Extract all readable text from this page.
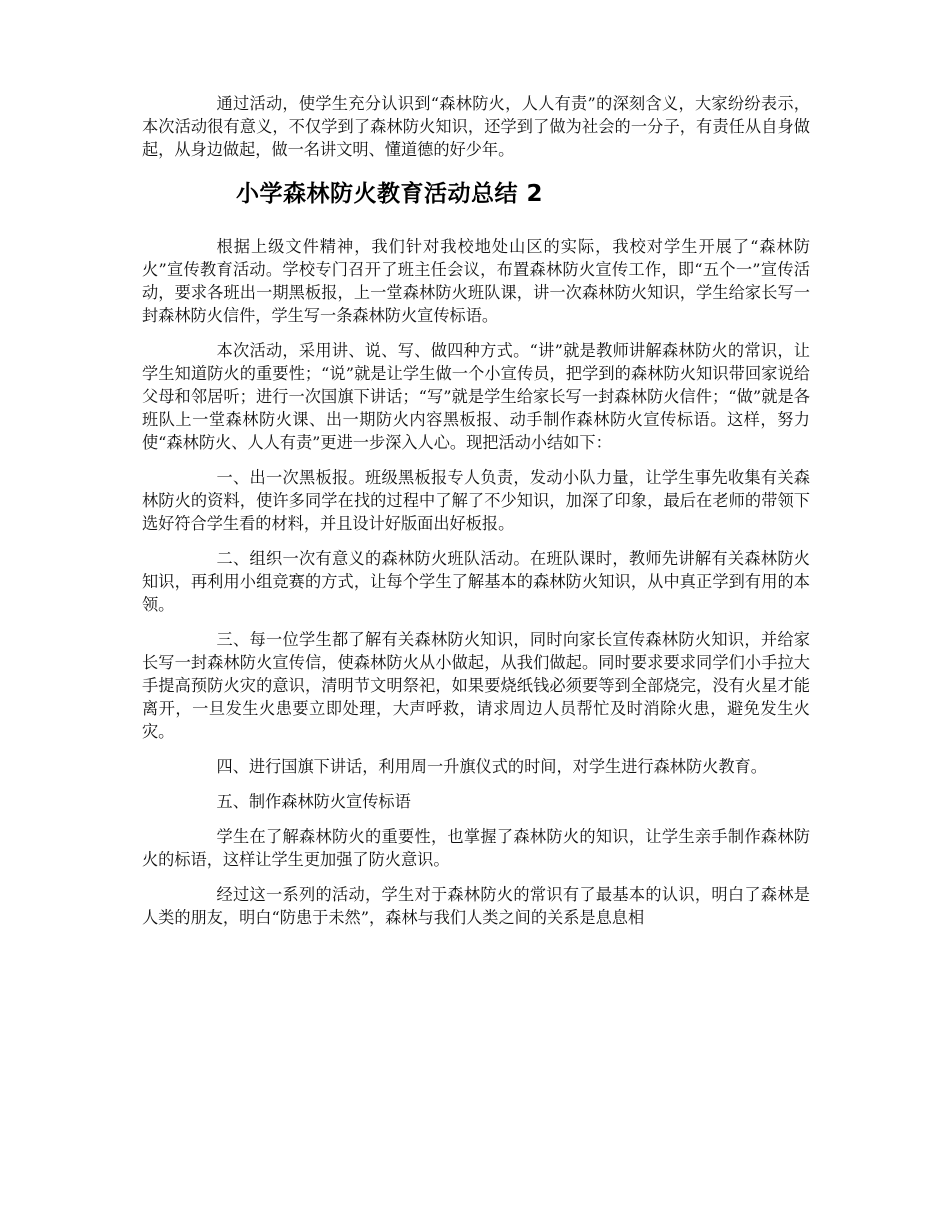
通过活动，使学生充分认识到“森林防火，人人有责”的深刻含义，大家纷纷表示，本次活动很有意义，不仅学到了森林防火知识，还学到了做为社会的一分子，有责任从自身做起，从身边做起，做一名讲文明、懂道德的好少年。

小学森林防火教育活动总结 2

根据上级文件精神，我们针对我校地处山区的实际，我校对学生开展了“森林防火”宣传教育活动。学校专门召开了班主任会议，布置森林防火宣传工作，即“五个一”宣传活动，要求各班出一期黑板报，上一堂森林防火班队课，讲一次森林防火知识，学生给家长写一封森林防火信件，学生写一条森林防火宣传标语。

本次活动，采用讲、说、写、做四种方式。“讲”就是教师讲解森林防火的常识，让学生知道防火的重要性；“说”就是让学生做一个小宣传员，把学到的森林防火知识带回家说给父母和邻居听；进行一次国旗下讲话；“写”就是学生给家长写一封森林防火信件；“做”就是各班队上一堂森林防火课、出一期防火内容黑板报、动手制作森林防火宣传标语。这样，努力使“森林防火、人人有责”更进一步深入人心。现把活动小结如下：

一、出一次黑板报。班级黑板报专人负责，发动小队力量，让学生事先收集有关森林防火的资料，使许多同学在找的过程中了解了不少知识，加深了印象，最后在老师的带领下选好符合学生看的材料，并且设计好版面出好板报。

二、组织一次有意义的森林防火班队活动。在班队课时，教师先讲解有关森林防火知识，再利用小组竞赛的方式，让每个学生了解基本的森林防火知识，从中真正学到有用的本领。

三、每一位学生都了解有关森林防火知识，同时向家长宣传森林防火知识，并给家长写一封森林防火宣传信，使森林防火从小做起，从我们做起。同时要求要求同学们小手拉大手提高预防火灾的意识，清明节文明祭祀，如果要烧纸钱必须要等到全部烧完，没有火星才能离开，一旦发生火患要立即处理，大声呼救，请求周边人员帮忙及时消除火患，避免发生火灾。

四、进行国旗下讲话，利用周一升旗仪式的时间，对学生进行森林防火教育。

五、制作森林防火宣传标语

学生在了解森林防火的重要性，也掌握了森林防火的知识，让学生亲手制作森林防火的标语，这样让学生更加强了防火意识。

经过这一系列的活动，学生对于森林防火的常识有了最基本的认识，明白了森林是人类的朋友，明白“防患于未然”，森林与我们人类之间的关系是息息相
